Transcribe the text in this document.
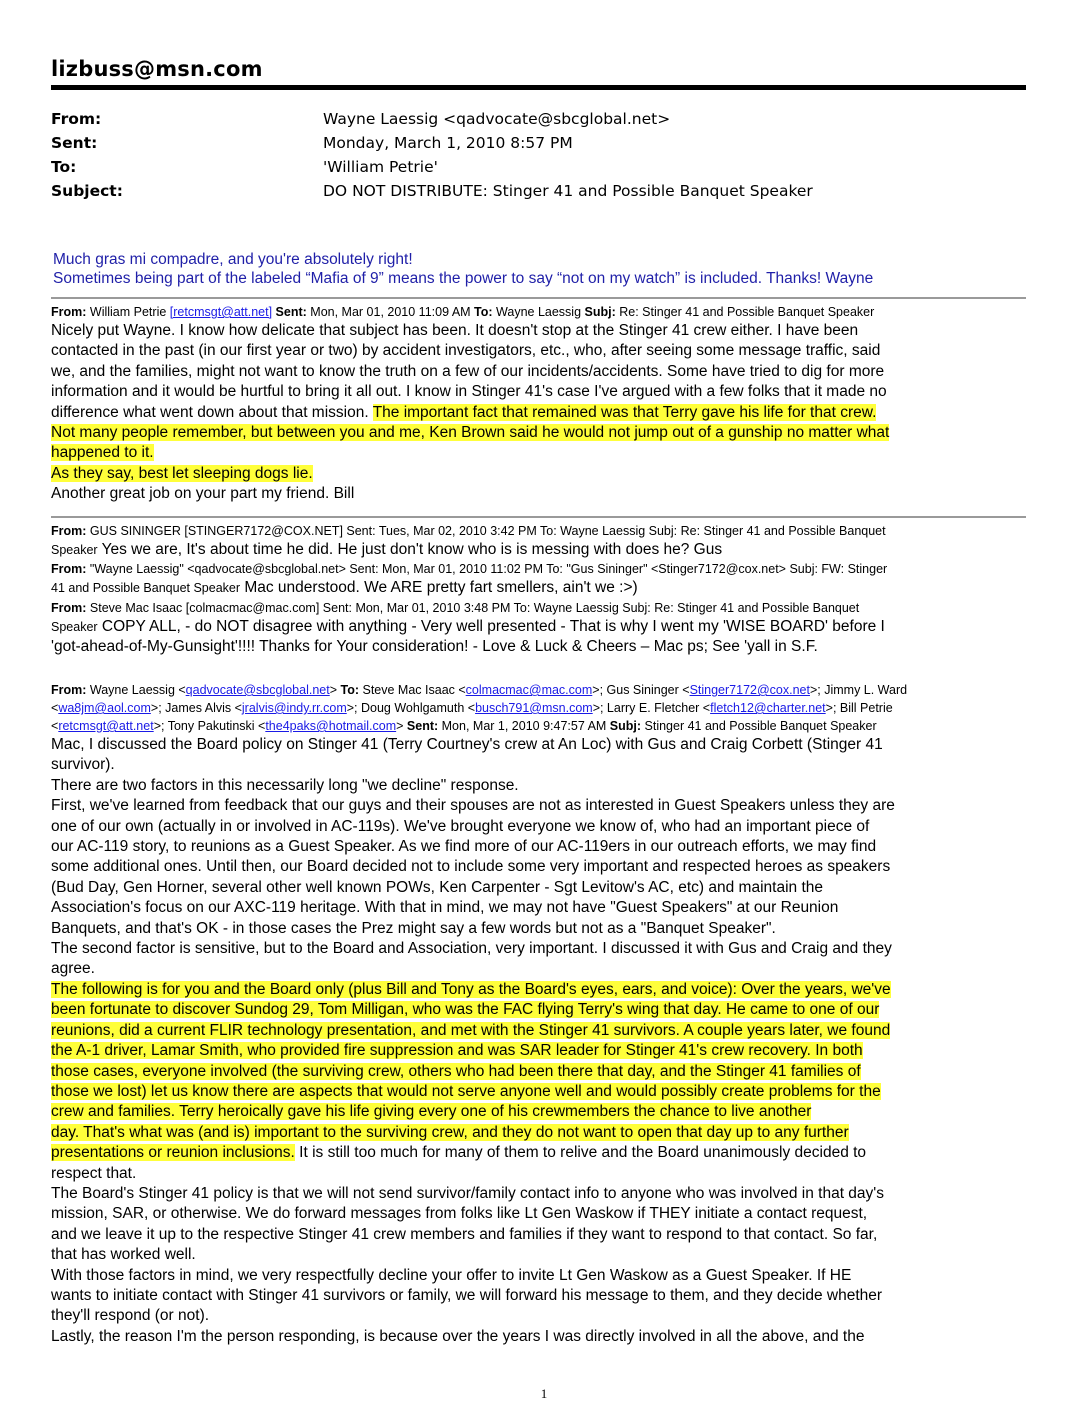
lizbuss@msn.com
From:	Wayne Laessig <qadvocate@sbcglobal.net>
Sent:	Monday, March 1, 2010 8:57 PM
To:	'William Petrie'
Subject:	DO NOT DISTRIBUTE: Stinger 41 and Possible Banquet Speaker
Much gras mi compadre, and you're absolutely right!
Sometimes being part of the labeled “Mafia of 9” means the power to say “not on my watch” is included. Thanks! Wayne
From: William Petrie [retcmsgt@att.net] Sent: Mon, Mar 01, 2010 11:09 AM To: Wayne Laessig Subj: Re: Stinger 41 and Possible Banquet Speaker
Nicely put Wayne. I know how delicate that subject has been. It doesn't stop at the Stinger 41 crew either. I have been
contacted in the past (in our first year or two) by accident investigators, etc., who, after seeing some message traffic, said
we, and the families, might not want to know the truth on a few of our incidents/accidents. Some have tried to dig for more
information and it would be hurtful to bring it all out. I know in Stinger 41's case I've argued with a few folks that it made no
difference what went down about that mission. The important fact that remained was that Terry gave his life for that crew.
Not many people remember, but between you and me, Ken Brown said he would not jump out of a gunship no matter what
happened to it.
As they say, best let sleeping dogs lie.
Another great job on your part my friend. Bill
From: GUS SININGER [STINGER7172@COX.NET] Sent: Tues, Mar 02, 2010 3:42 PM To: Wayne Laessig Subj: Re: Stinger 41 and Possible Banquet
Speaker Yes we are, It's about time he did. He just don't know who is is messing with does he? Gus
From: "Wayne Laessig" <qadvocate@sbcglobal.net> Sent: Mon, Mar 01, 2010 11:02 PM To: "Gus Sininger" <Stinger7172@cox.net> Subj: FW: Stinger
41 and Possible Banquet Speaker Mac understood. We ARE pretty fart smellers, ain't we :>)
From: Steve Mac Isaac [colmacmac@mac.com] Sent: Mon, Mar 01, 2010 3:48 PM To: Wayne Laessig Subj: Re: Stinger 41 and Possible Banquet
Speaker COPY ALL, - do NOT disagree with anything - Very well presented - That is why I went my 'WISE BOARD' before I
'got-ahead-of-My-Gunsight'!!!! Thanks for Your consideration! - Love & Luck & Cheers – Mac ps; See 'yall in S.F.
From: Wayne Laessig <qadvocate@sbcglobal.net> To: Steve Mac Isaac <colmacmac@mac.com>; Gus Sininger <Stinger7172@cox.net>; Jimmy L. Ward
<wa8jm@aol.com>; James Alvis <jralvis@indy.rr.com>; Doug Wohlgamuth <busch791@msn.com>; Larry E. Fletcher <fletch12@charter.net>; Bill Petrie
<retcmsgt@att.net>; Tony Pakutinski <the4paks@hotmail.com> Sent: Mon, Mar 1, 2010 9:47:57 AM Subj: Stinger 41 and Possible Banquet Speaker
Mac, I discussed the Board policy on Stinger 41 (Terry Courtney's crew at An Loc) with Gus and Craig Corbett (Stinger 41
survivor).
There are two factors in this necessarily long "we decline" response.
First, we've learned from feedback that our guys and their spouses are not as interested in Guest Speakers unless they are
one of our own (actually in or involved in AC-119s). We've brought everyone we know of, who had an important piece of
our AC-119 story, to reunions as a Guest Speaker. As we find more of our AC-119ers in our outreach efforts, we may find
some additional ones. Until then, our Board decided not to include some very important and respected heroes as speakers
(Bud Day, Gen Horner, several other well known POWs, Ken Carpenter - Sgt Levitow's AC, etc) and maintain the
Association's focus on our AXC-119 heritage. With that in mind, we may not have "Guest Speakers" at our Reunion
Banquets, and that's OK - in those cases the Prez might say a few words but not as a "Banquet Speaker".
The second factor is sensitive, but to the Board and Association, very important. I discussed it with Gus and Craig and they
agree.
The following is for you and the Board only (plus Bill and Tony as the Board's eyes, ears, and voice): Over the years, we've
been fortunate to discover Sundog 29, Tom Milligan, who was the FAC flying Terry's wing that day. He came to one of our
reunions, did a current FLIR technology presentation, and met with the Stinger 41 survivors. A couple years later, we found
the A-1 driver, Lamar Smith, who provided fire suppression and was SAR leader for Stinger 41's crew recovery. In both
those cases, everyone involved (the surviving crew, others who had been there that day, and the Stinger 41 families of
those we lost) let us know there are aspects that would not serve anyone well and would possibly create problems for the
crew and families. Terry heroically gave his life giving every one of his crewmembers the chance to live another
day. That's what was (and is) important to the surviving crew, and they do not want to open that day up to any further
presentations or reunion inclusions. It is still too much for many of them to relive and the Board unanimously decided to
respect that.
The Board's Stinger 41 policy is that we will not send survivor/family contact info to anyone who was involved in that day's
mission, SAR, or otherwise. We do forward messages from folks like Lt Gen Waskow if THEY initiate a contact request,
and we leave it up to the respective Stinger 41 crew members and families if they want to respond to that contact. So far,
that has worked well.
With those factors in mind, we very respectfully decline your offer to invite Lt Gen Waskow as a Guest Speaker. If HE
wants to initiate contact with Stinger 41 survivors or family, we will forward his message to them, and they decide whether
they'll respond (or not).
Lastly, the reason I'm the person responding, is because over the years I was directly involved in all the above, and the
1
